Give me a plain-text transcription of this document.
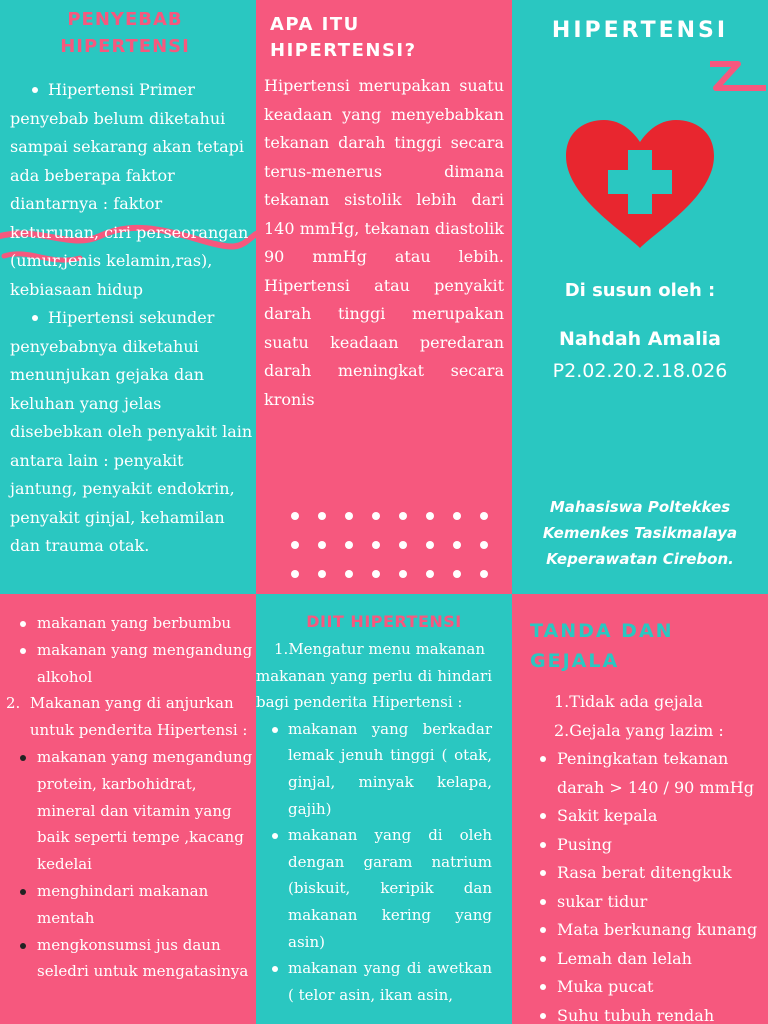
PENYEBAB HIPERTENSI
Hipertensi Primer
penyebab belum diketahui sampai sekarang akan tetapi ada beberapa faktor diantarnya : faktor keturunan, ciri perseorangan (umur,jenis kelamin,ras), kebiasaan hidup
Hipertensi sekunder
penyebabnya diketahui menunjukan gejaka dan keluhan yang jelas disebebkan oleh penyakit lain antara lain : penyakit jantung, penyakit endokrin, penyakit ginjal, kehamilan dan trauma otak.
APA ITU
HIPERTENSI?

Hipertensi merupakan suatu keadaan yang menyebabkan tekanan darah tinggi secara terus-menerus dimana tekanan sistolik lebih dari 140 mmHg, tekanan diastolik 90 mmHg atau lebih. Hipertensi atau penyakit darah tinggi merupakan suatu keadaan peredaran darah meningkat secara kronis

HIPERTENSI
Di susun oleh :
Nahdah Amalia
P2.02.20.2.18.026
Mahasiswa Poltekkes
Kemenkes Tasikmalaya
Keperawatan Cirebon.
makanan yang berbumbu
makanan yang mengandung alkohol
2.
Makanan yang di anjurkan untuk penderita Hipertensi :
makanan yang mengandung protein, karbohidrat, mineral dan vitamin yang baik seperti tempe ,kacang kedelai
menghindari makanan mentah
mengkonsumsi jus daun seledri untuk mengatasinya
DIIT HIPERTENSI
1.Mengatur menu makanan
makanan yang perlu di hindari bagi penderita Hipertensi :
makanan yang berkadar lemak jenuh tinggi ( otak, ginjal, minyak kelapa, gajih)
makanan yang di oleh dengan garam natrium (biskuit, keripik dan makanan kering yang asin)
makanan yang di awetkan ( telor asin, ikan asin,
TANDA DAN
GEJALA
1. Tidak ada gejala
2. Gejala yang lazim :
Peningkatan tekanan darah > 140 / 90 mmHg
Sakit kepala
Pusing
Rasa berat ditengkuk
sukar tidur
Mata berkunang kunang
Lemah dan lelah
Muka pucat
Suhu tubuh rendah
